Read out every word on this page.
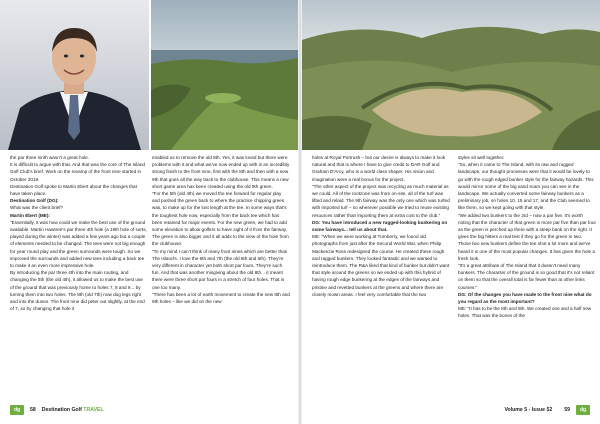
the par three ninth wasn't a great hole.

It is difficult to argue with that. And that was the core of The Island Golf Club's brief. Work on the revamp of the front nine started in October 2019.

Destination Golf spoke to Martin Ebert about the changes that have taken place.

Destination Golf (DG):

What was the client brief?

Martin Ebert (ME):

"Essentially, it was how could we make the best use of the ground available. Martin Hawtree's par three 4th hole (a 19th hole of sorts, played during the winter) was added a few years ago but a couple of elements needed to be changed. The tees were not big enough for year round play and the green surrounds were tough. So we improved the surrounds and added new tees including a back tee to make it an even more impressive hole.

By introducing the par three 4th into the main routing, and changing the 5th (the old 4th), it allowed us to make the best use of the ground that was previously home to holes 7, 8 and 9... by turning them into two holes. The 8th (old 7th) now dog legs right and into the dunes. The front nine did peter out slightly, at the end of 7, so by changing that hole it

enabled us to remove the old 8th. Yes, it was loved but there were problems with it and what we've now ended up with is an incredibly strong finish to the front nine, first with the 8th and then with a new 9th that goes all the way back to the clubhouse. This means a new short game area has been created using the old 9th green.

"For the 5th (old 4th) we moved the tee forward for regular play and pushed the green back to where the practice chipping green was, to make up for the lost length at the tee. In some ways that's the toughest hole now, especially from the back tee which has been retained for major events. For the new green, we had to add some elevation to allow golfers to have sight of it from the fairway. The green is also bigger and it all adds to the view of the hole from the clubhouse.

"To my mind I can't think of many front nines which are better than The Island's. I love the 6th and 7th (the old 5th and 6th). They're very different in character yet both short par fours. They're such fun. And that was another misgiving about the old 8th... it meant there were three short par fours in a stretch of four holes. That is one too many.

"There has been a lot of earth movement to create the new 8th and 9th holes – like we did on the new

holes at Royal Portrush – but our desire is always to make it look natural and that is where I have to give credit to DAR Golf and Graham D'Arcy, who is a world class shaper. His vision and imagination were a real bonus for the project.

"The other aspect of the project was recycling as much material as we could. All of the rootzone was from on-site, all of the turf was lifted and relaid. The 9th fairway was the only one which was turfed with imported turf – so wherever possible we tried to reuse existing resources rather than importing them at extra cost to the club."

DG: You have introduced a new rugged-looking bunkering on some fairways... tell us about that.

ME: "When we were working at Turnberry, we found old photographs from just after the Second World War, when Philip Mackenzie Ross redesigned the course. He created these rough and ragged bunkers. They looked fantastic and we wanted to reintroduce them. The R&A liked that kind of bunker but didn't want that style around the greens so we ended up with this hybrid of having rough edge bunkering at the edges of the fairways and pristine and revetted bunkers at the greens and where there are closely mown areas. I feel very comfortable that the two

styles sit well together.

"So, when it came to The Island, with its raw and rugged landscape, our thought processes were that it would be lovely to go with the rough edged bunker style for the fairway hazards. This would mirror some of the big sand scars you can see in the landscape. We actually converted some fairway bunkers as a preliminary job, on holes 10, 15 and 17, and the Club seemed to like them, so we kept going with that style.

"We added two bunkers to the 3rd – now a par five. It's worth noting that the character of that green is more par five than par four as the green is perched up there with a steep bank on the right. It gives the big hitters a real test if they go for the green in two. Those two new bunkers define the tee shot a lot more and we've heard it is one of the most popular changes. It has given the hole a fresh look.

"It's a great attribute of The Island that it doesn't need many bunkers. The character of the ground is so good that it's not reliant on them so that the overall total is far fewer than at other links courses."

DG: Of the changes you have made to the front nine what do you regard as the most important?

ME: "It has to be the 8th and 9th. We created one and a half new holes. That was the bones of the

dg	58 Destination Golf TRAVEL	Volume 5 - Issue 52 59	dg
